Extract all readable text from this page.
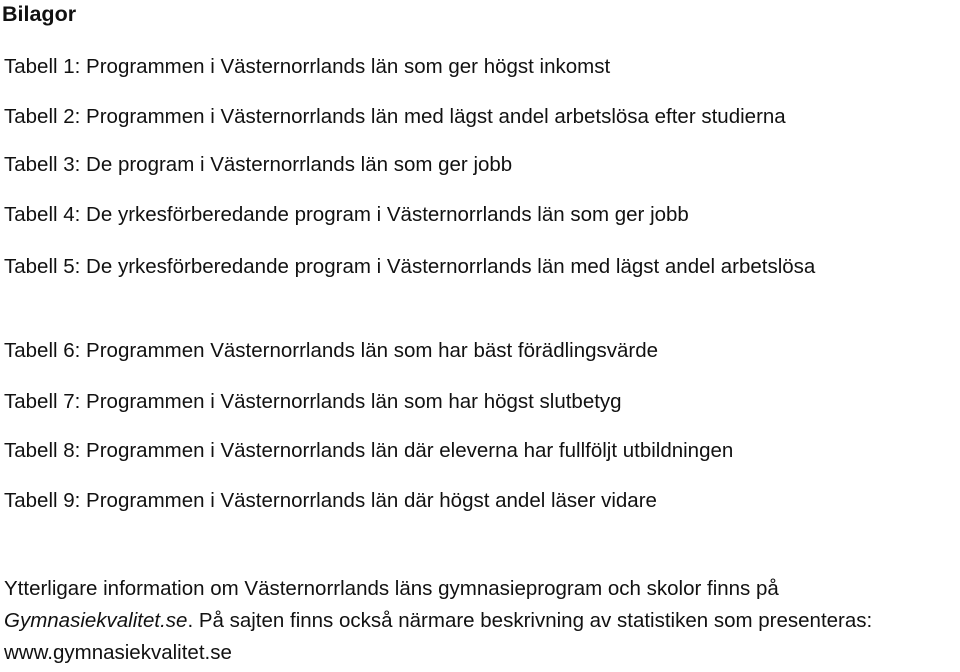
Bilagor
Tabell 1: Programmen i Västernorrlands län som ger högst inkomst
Tabell 2: Programmen i Västernorrlands län med lägst andel arbetslösa efter studierna
Tabell 3: De program i Västernorrlands län som ger jobb
Tabell 4: De yrkesförberedande program i Västernorrlands län som ger jobb
Tabell 5: De yrkesförberedande program i Västernorrlands län med lägst andel arbetslösa
Tabell 6: Programmen Västernorrlands län som har bäst förädlingsvärde
Tabell 7: Programmen i Västernorrlands län som har högst slutbetyg
Tabell 8: Programmen i Västernorrlands län där eleverna har fullföljt utbildningen
Tabell 9: Programmen i Västernorrlands län där högst andel läser vidare

Ytterligare information om Västernorrlands läns gymnasieprogram och skolor finns på Gymnasiekvalitet.se. På sajten finns också närmare beskrivning av statistiken som presenteras: www.gymnasiekvalitet.se
